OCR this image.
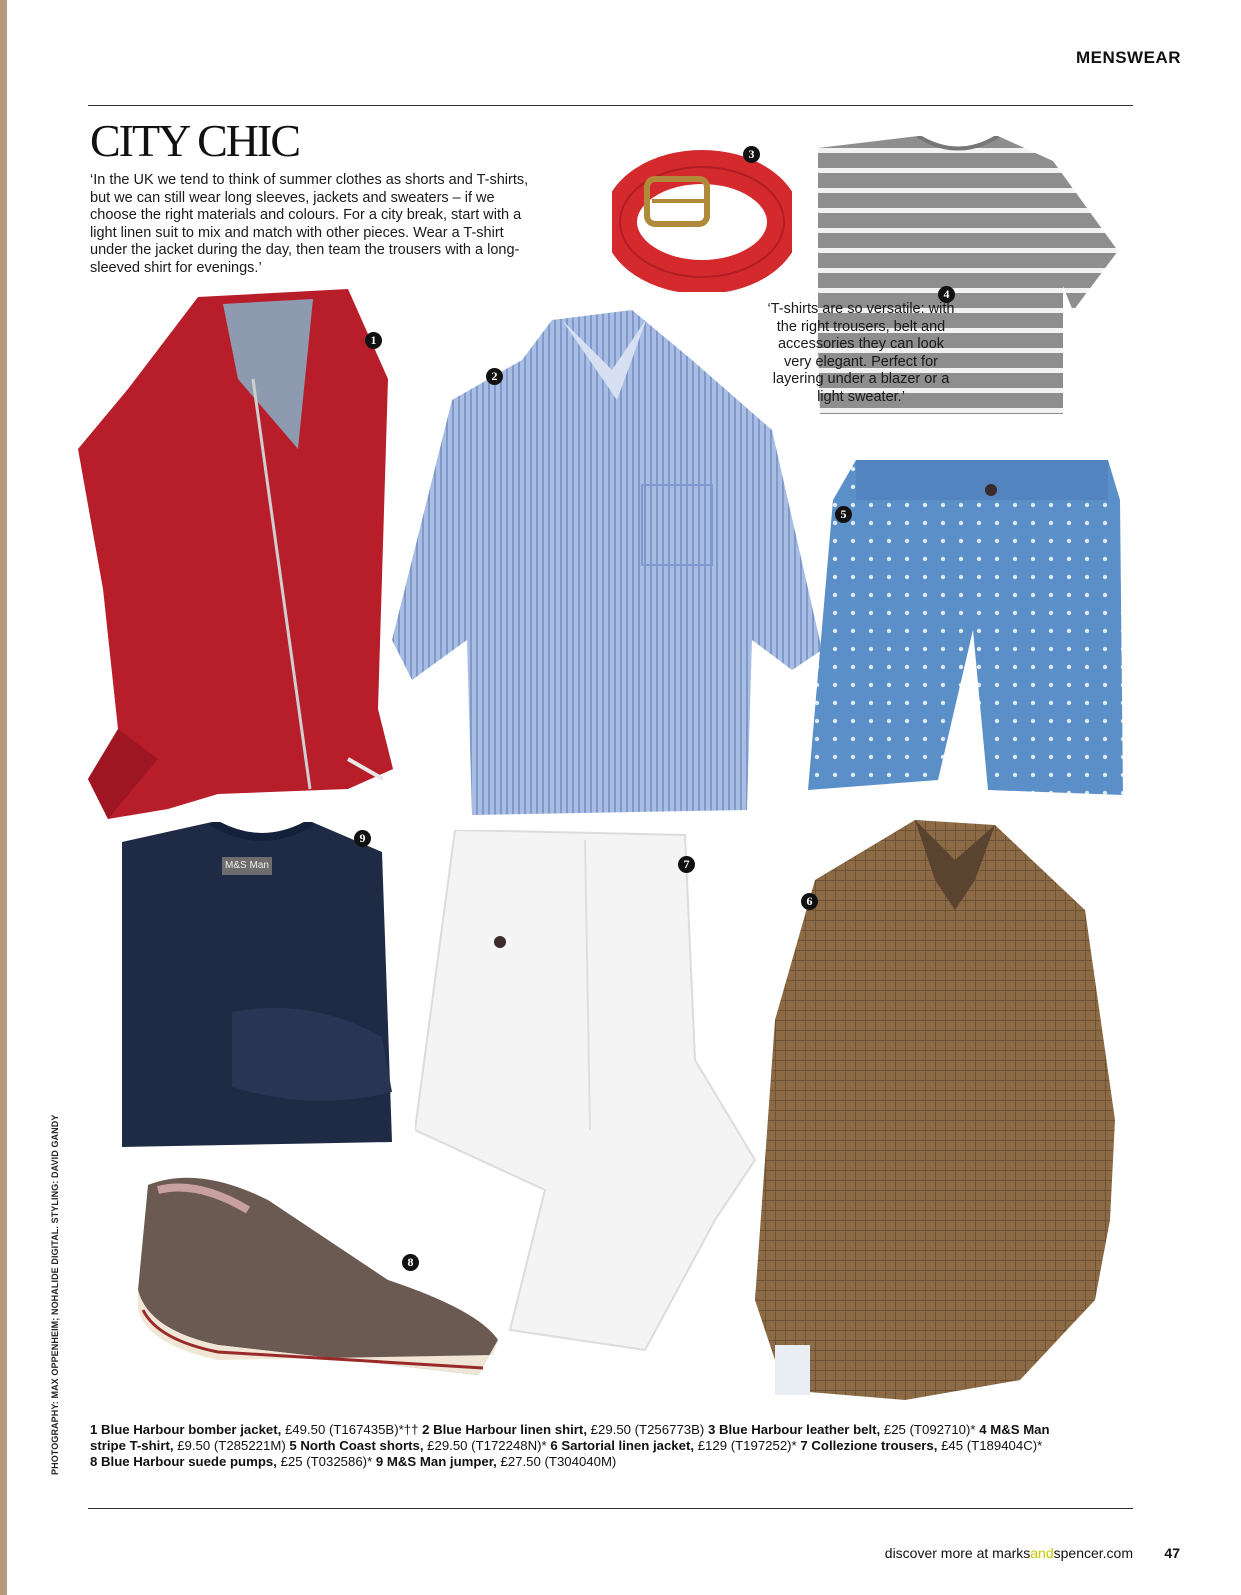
MENSWEAR
CITY CHIC

‘In the UK we tend to think of summer clothes as shorts and T-shirts, but we can still wear long sleeves, jackets and sweaters – if we choose the right materials and colours. For a city break, start with a light linen suit to mix and match with other pieces. Wear a T-shirt under the jacket during the day, then team the trousers with a long-sleeved shirt for evenings.’

3
4

‘T-shirts are so versatile: with the right trousers, belt and accessories they can look very elegant. Perfect for layering under a blazer or a light sweater.’

1
2
5
M&S Man
9
7
6
8
PHOTOGRAPHY: MAX OPPENHEIM; NOHALIDE DIGITAL. STYLING: DAVID GANDY 1 Blue Harbour bomber jacket, £49.50 (T167435B)*†† 2 Blue Harbour linen shirt, £29.50 (T256773B) 3 Blue Harbour leather belt, £25 (T092710)* 4 M&S Man stripe T-shirt, £9.50 (T285221M) 5 North Coast shorts, £29.50 (T172248N)* 6 Sartorial linen jacket, £129 (T197252)* 7 Collezione trousers, £45 (T189404C)*
8 Blue Harbour suede pumps, £25 (T032586)* 9 M&S Man jumper, £27.50 (T304040M)
discover more at marksandspencer.com 47
